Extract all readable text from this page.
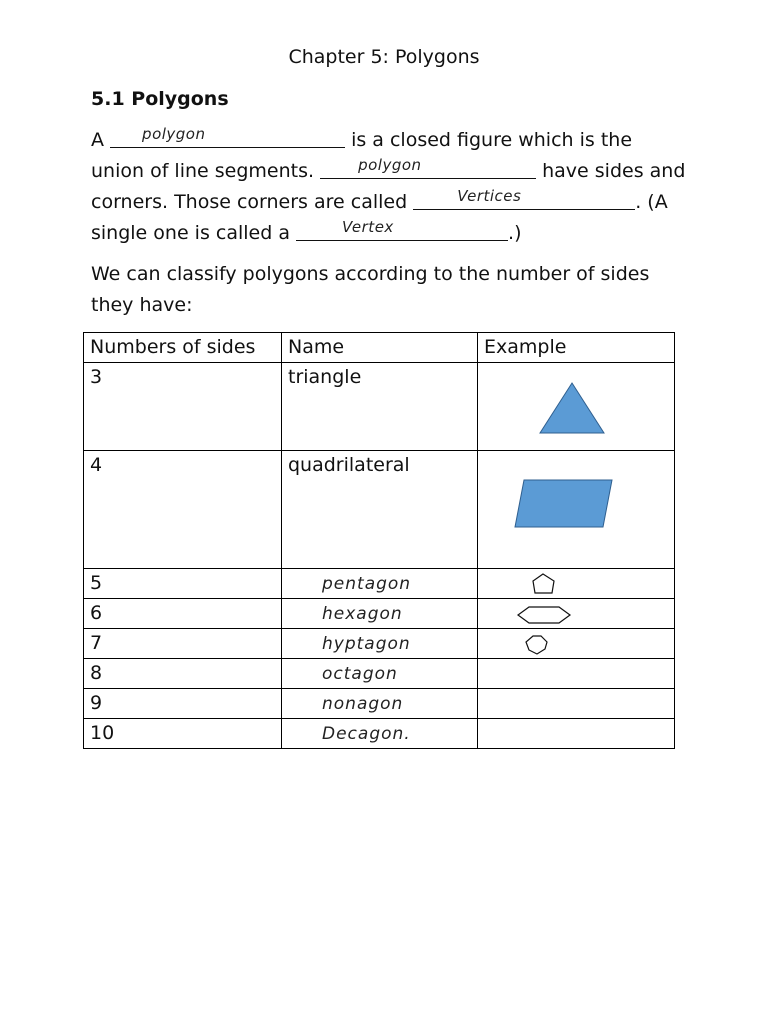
Chapter 5: Polygons
5.1 Polygons
A	polygon	is a closed figure which is the
union of line segments.	polygon	have sides and
corners. Those corners are called	Vertices	. (A
single one is called a	Vertex	.)
We can classify polygons according to the number of sides
they have:
Numbers of sides	Name	Example
3	triangle	

4	quadrilateral	

5	pentagon	

6	hexagon	

7	hyptagon	

8	octagon	
9	nonagon	
10	Decagon.	
